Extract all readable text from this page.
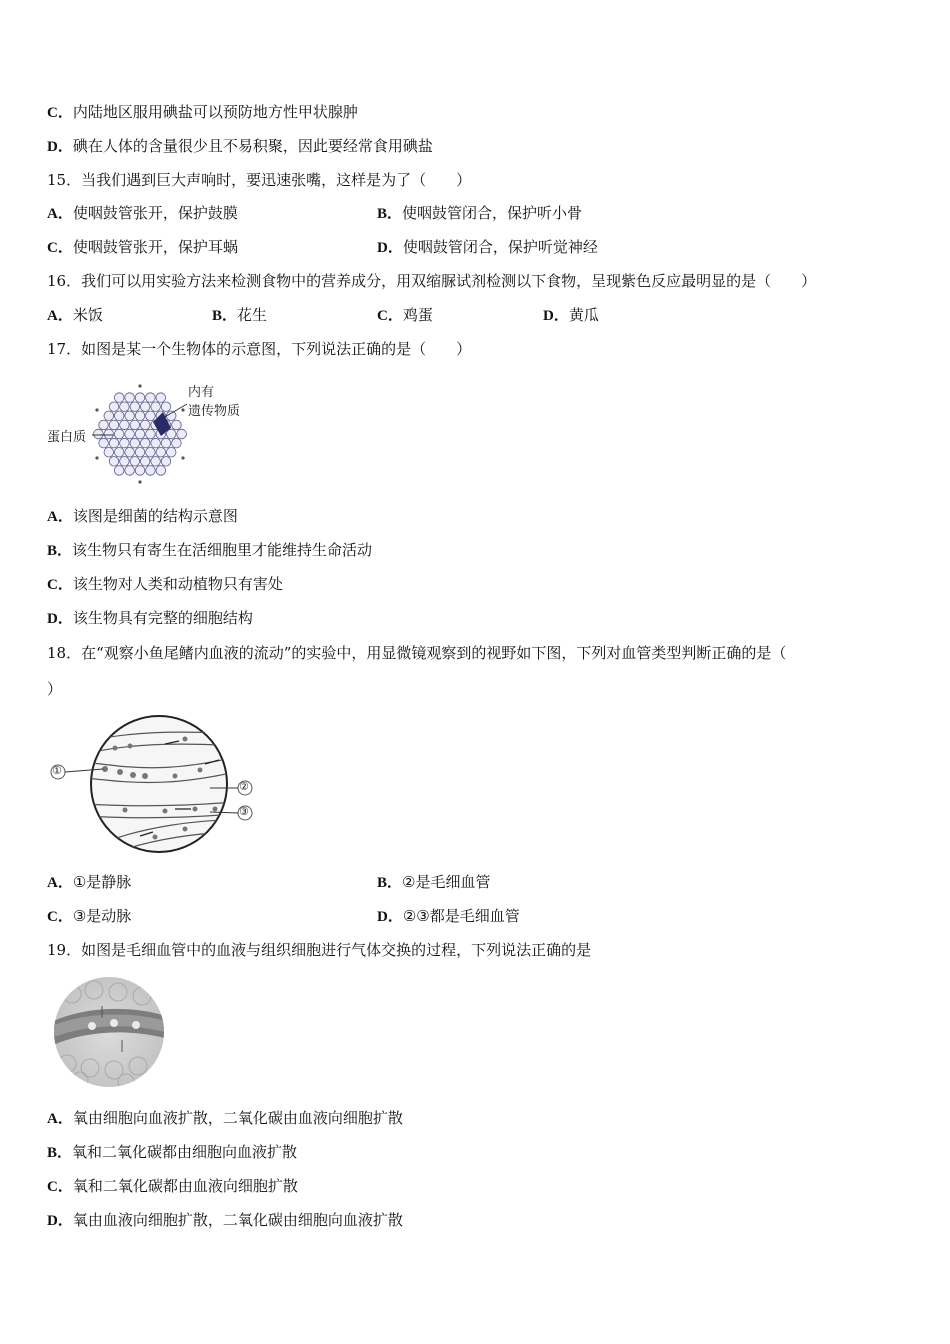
C．内陆地区服用碘盐可以预防地方性甲状腺肿
D．碘在人体的含量很少且不易积聚，因此要经常食用碘盐
15．当我们遇到巨大声响时，要迅速张嘴，这样是为了（　　）
A．使咽鼓管张开，保护鼓膜	B．使咽鼓管闭合，保护听小骨
C．使咽鼓管张开，保护耳蜗	D．使咽鼓管闭合，保护听觉神经
16．我们可以用实验方法来检测食物中的营养成分，用双缩脲试剂检测以下食物，呈现紫色反应最明显的是（　　）
A．米饭	B．花生	C．鸡蛋	D．黄瓜
17．如图是某一个生物体的示意图，下列说法正确的是（　　）
内有
遗传物质
蛋白质
A．该图是细菌的结构示意图
B．该生物只有寄生在活细胞里才能维持生命活动
C．该生物对人类和动植物只有害处
D．该生物具有完整的细胞结构
18．在“观察小鱼尾鳍内血液的流动”的实验中，用显微镜观察到的视野如下图，下列对血管类型判断正确的是（
）
①
②
③
A．①是静脉	B．②是毛细血管
C．③是动脉	D．②③都是毛细血管
19．如图是毛细血管中的血液与组织细胞进行气体交换的过程，下列说法正确的是
A．氧由细胞向血液扩散，二氧化碳由血液向细胞扩散
B．氧和二氧化碳都由细胞向血液扩散
C．氧和二氧化碳都由血液向细胞扩散
D．氧由血液向细胞扩散，二氧化碳由细胞向血液扩散
